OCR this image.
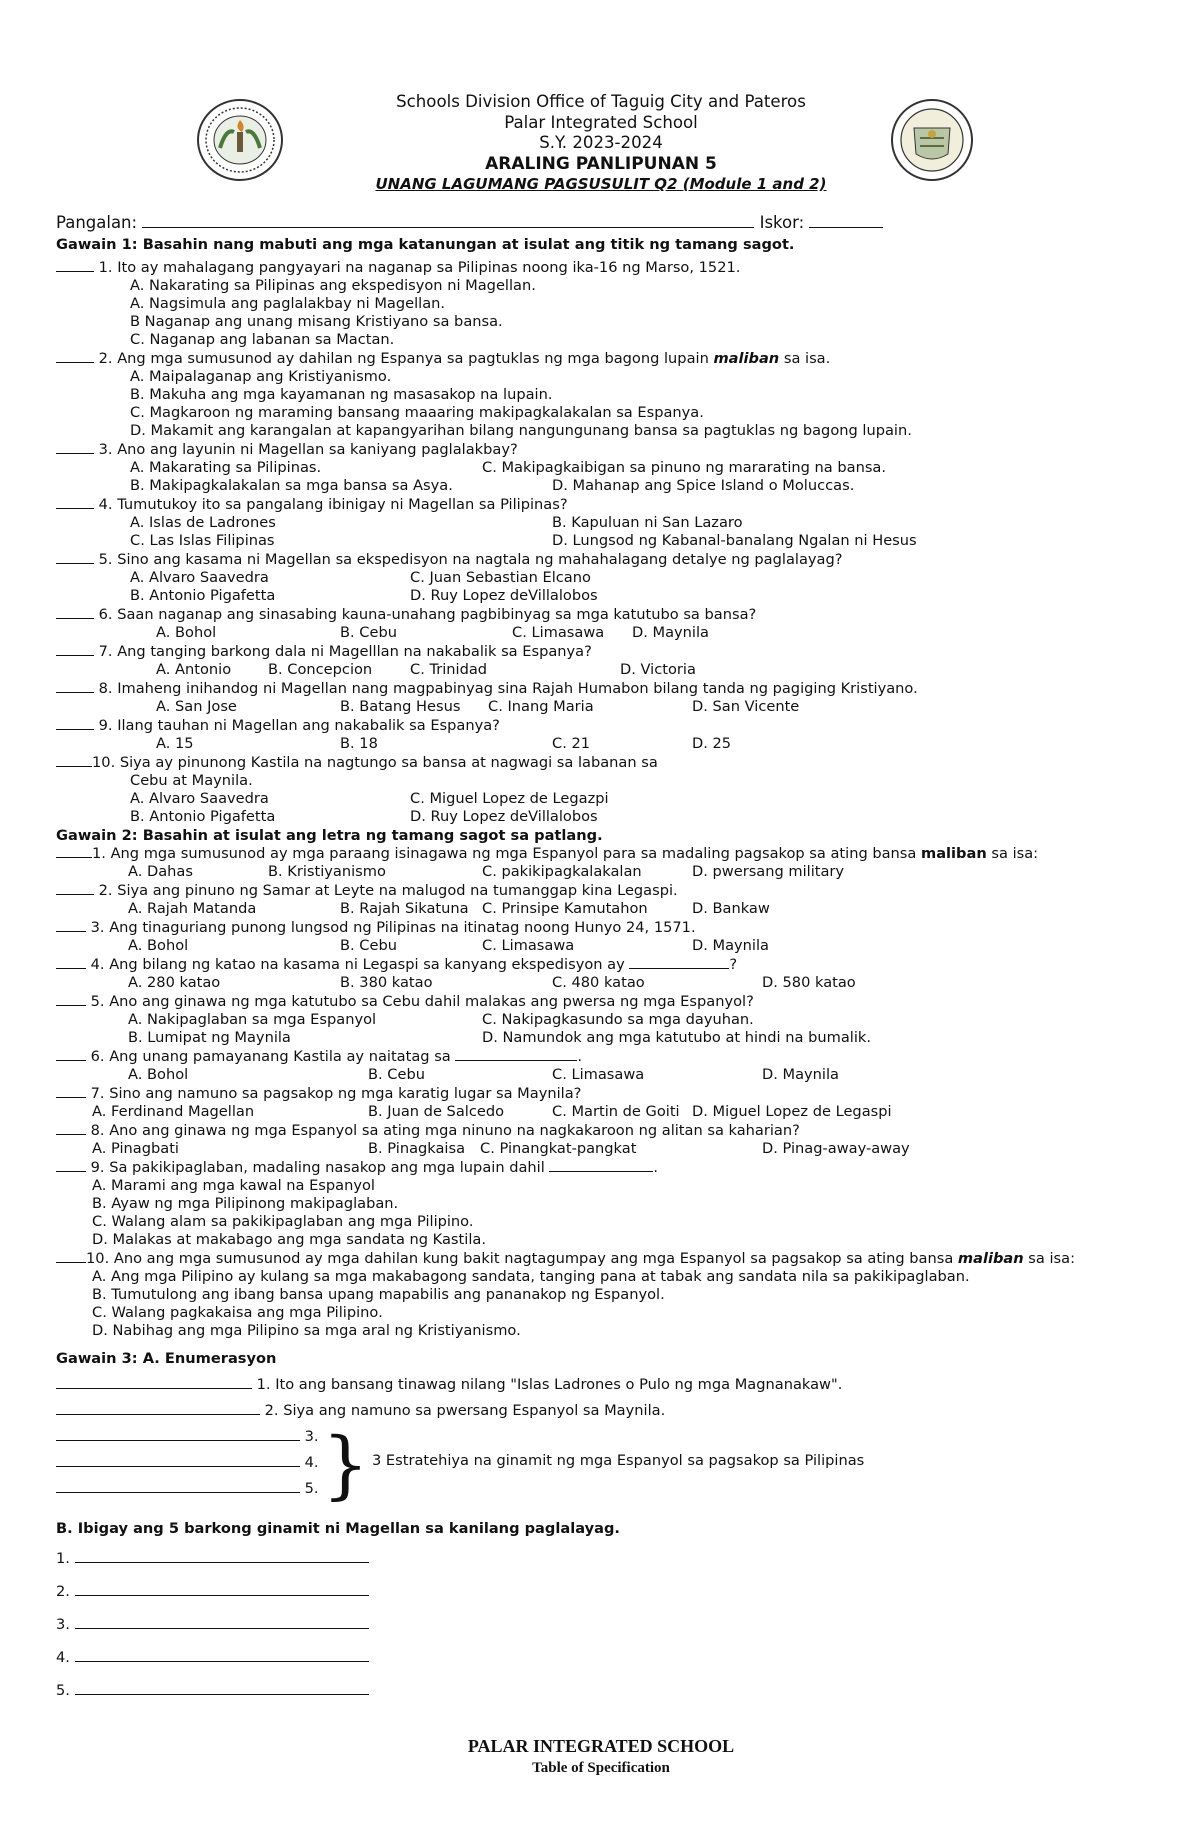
Schools Division Office of Taguig City and Pateros
Palar Integrated School
S.Y. 2023-2024
ARALING PANLIPUNAN 5
UNANG LAGUMANG PAGSUSULIT Q2 (Module 1 and 2)
Pangalan:	Iskor:
Gawain 1: Basahin nang mabuti ang mga katanungan at isulat ang titik ng tamang sagot.
1. Ito ay mahalagang pangyayari na naganap sa Pilipinas noong ika-16 ng Marso, 1521.
A. Nakarating sa Pilipinas ang ekspedisyon ni Magellan.
A. Nagsimula ang paglalakbay ni Magellan.
B Naganap ang unang misang Kristiyano sa bansa.
C. Naganap ang labanan sa Mactan.
2. Ang mga sumusunod ay dahilan ng Espanya sa pagtuklas ng mga bagong lupain maliban sa isa.
A. Maipalaganap ang Kristiyanismo.
B. Makuha ang mga kayamanan ng masasakop na lupain.
C. Magkaroon ng maraming bansang maaaring makipagkalakalan sa Espanya.
D. Makamit ang karangalan at kapangyarihan bilang nangungunang bansa sa pagtuklas ng bagong lupain.
3. Ano ang layunin ni Magellan sa kaniyang paglalakbay?
A. Makarating sa Pilipinas.	C. Makipagkaibigan sa pinuno ng mararating na bansa.
B. Makipagkalakalan sa mga bansa sa Asya.	D. Mahanap ang Spice Island o Moluccas.
4. Tumutukoy ito sa pangalang ibinigay ni Magellan sa Pilipinas?
A. Islas de Ladrones	B. Kapuluan ni San Lazaro
C. Las Islas Filipinas	D. Lungsod ng Kabanal-banalang Ngalan ni Hesus
5. Sino ang kasama ni Magellan sa ekspedisyon na nagtala ng mahahalagang detalye ng paglalayag?
A. Alvaro Saavedra	C. Juan Sebastian Elcano
B. Antonio Pigafetta	D. Ruy Lopez deVillalobos
6. Saan naganap ang sinasabing kauna-unahang pagbibinyag sa mga katutubo sa bansa?
A. Bohol	B. Cebu	C. Limasawa D. Maynila
7. Ang tanging barkong dala ni Magelllan na nakabalik sa Espanya?
A. Antonio	B. Concepcion	C. Trinidad	D. Victoria
8. Imaheng inihandog ni Magellan nang magpabinyag sina Rajah Humabon bilang tanda ng pagiging Kristiyano.
A. San Jose	B. Batang Hesus C. Inang Maria	D. San Vicente
9. Ilang tauhan ni Magellan ang nakabalik sa Espanya?
A. 15	B. 18	C. 21	D. 25
10. Siya ay pinunong Kastila na nagtungo sa bansa at nagwagi sa labanan sa
Cebu at Maynila.
A. Alvaro Saavedra	C. Miguel Lopez de Legazpi
B. Antonio Pigafetta	D. Ruy Lopez deVillalobos
Gawain 2: Basahin at isulat ang letra ng tamang sagot sa patlang.
1. Ang mga sumusunod ay mga paraang isinagawa ng mga Espanyol para sa madaling pagsakop sa ating bansa maliban sa isa:
A. Dahas	B. Kristiyanismo	C. pakikipagkalakalan	D. pwersang military
2. Siya ang pinuno ng Samar at Leyte na malugod na tumanggap kina Legaspi.
A. Rajah Matanda	B. Rajah Sikatuna C. Prinsipe Kamutahon	D. Bankaw
3. Ang tinaguriang punong lungsod ng Pilipinas na itinatag noong Hunyo 24, 1571.
A. Bohol	B. Cebu	C. Limasawa	D. Maynila
4. Ang bilang ng katao na kasama ni Legaspi sa kanyang ekspedisyon ay	?
A. 280 katao	B. 380 katao	C. 480 katao	D. 580 katao
5. Ano ang ginawa ng mga katutubo sa Cebu dahil malakas ang pwersa ng mga Espanyol?
A. Nakipaglaban sa mga Espanyol	C. Nakipagkasundo sa mga dayuhan.
B. Lumipat ng Maynila	D. Namundok ang mga katutubo at hindi na bumalik.
6. Ang unang pamayanang Kastila ay naitatag sa	.
A. Bohol	B. Cebu	C. Limasawa	D. Maynila
7. Sino ang namuno sa pagsakop ng mga karatig lugar sa Maynila?
A. Ferdinand Magellan	B. Juan de Salcedo	C. Martin de Goiti D. Miguel Lopez de Legaspi
8. Ano ang ginawa ng mga Espanyol sa ating mga ninuno na nagkakaroon ng alitan sa kaharian?
A. Pinagbati	B. Pinagkaisa C. Pinangkat-pangkat	D. Pinag-away-away
9. Sa pakikipaglaban, madaling nasakop ang mga lupain dahil	.
A. Marami ang mga kawal na Espanyol
B. Ayaw ng mga Pilipinong makipaglaban.
C. Walang alam sa pakikipaglaban ang mga Pilipino.
D. Malakas at makabago ang mga sandata ng Kastila.
10. Ano ang mga sumusunod ay mga dahilan kung bakit nagtagumpay ang mga Espanyol sa pagsakop sa ating bansa maliban sa isa:
A. Ang mga Pilipino ay kulang sa mga makabagong sandata, tanging pana at tabak ang sandata nila sa pakikipaglaban.
B. Tumutulong ang ibang bansa upang mapabilis ang pananakop ng Espanyol.
C. Walang pagkakaisa ang mga Pilipino.
D. Nabihag ang mga Pilipino sa mga aral ng Kristiyanismo.
Gawain 3: A. Enumerasyon
1. Ito ang bansang tinawag nilang "Islas Ladrones o Pulo ng mga Magnanakaw".
2. Siya ang namuno sa pwersang Espanyol sa Maynila.
3.
4.
5. } 3 Estratehiya na ginamit ng mga Espanyol sa pagsakop sa Pilipinas
B. Ibigay ang 5 barkong ginamit ni Magellan sa kanilang paglalayag.
1.
2.
3.
4.
5.
PALAR INTEGRATED SCHOOL
Table of Specification
